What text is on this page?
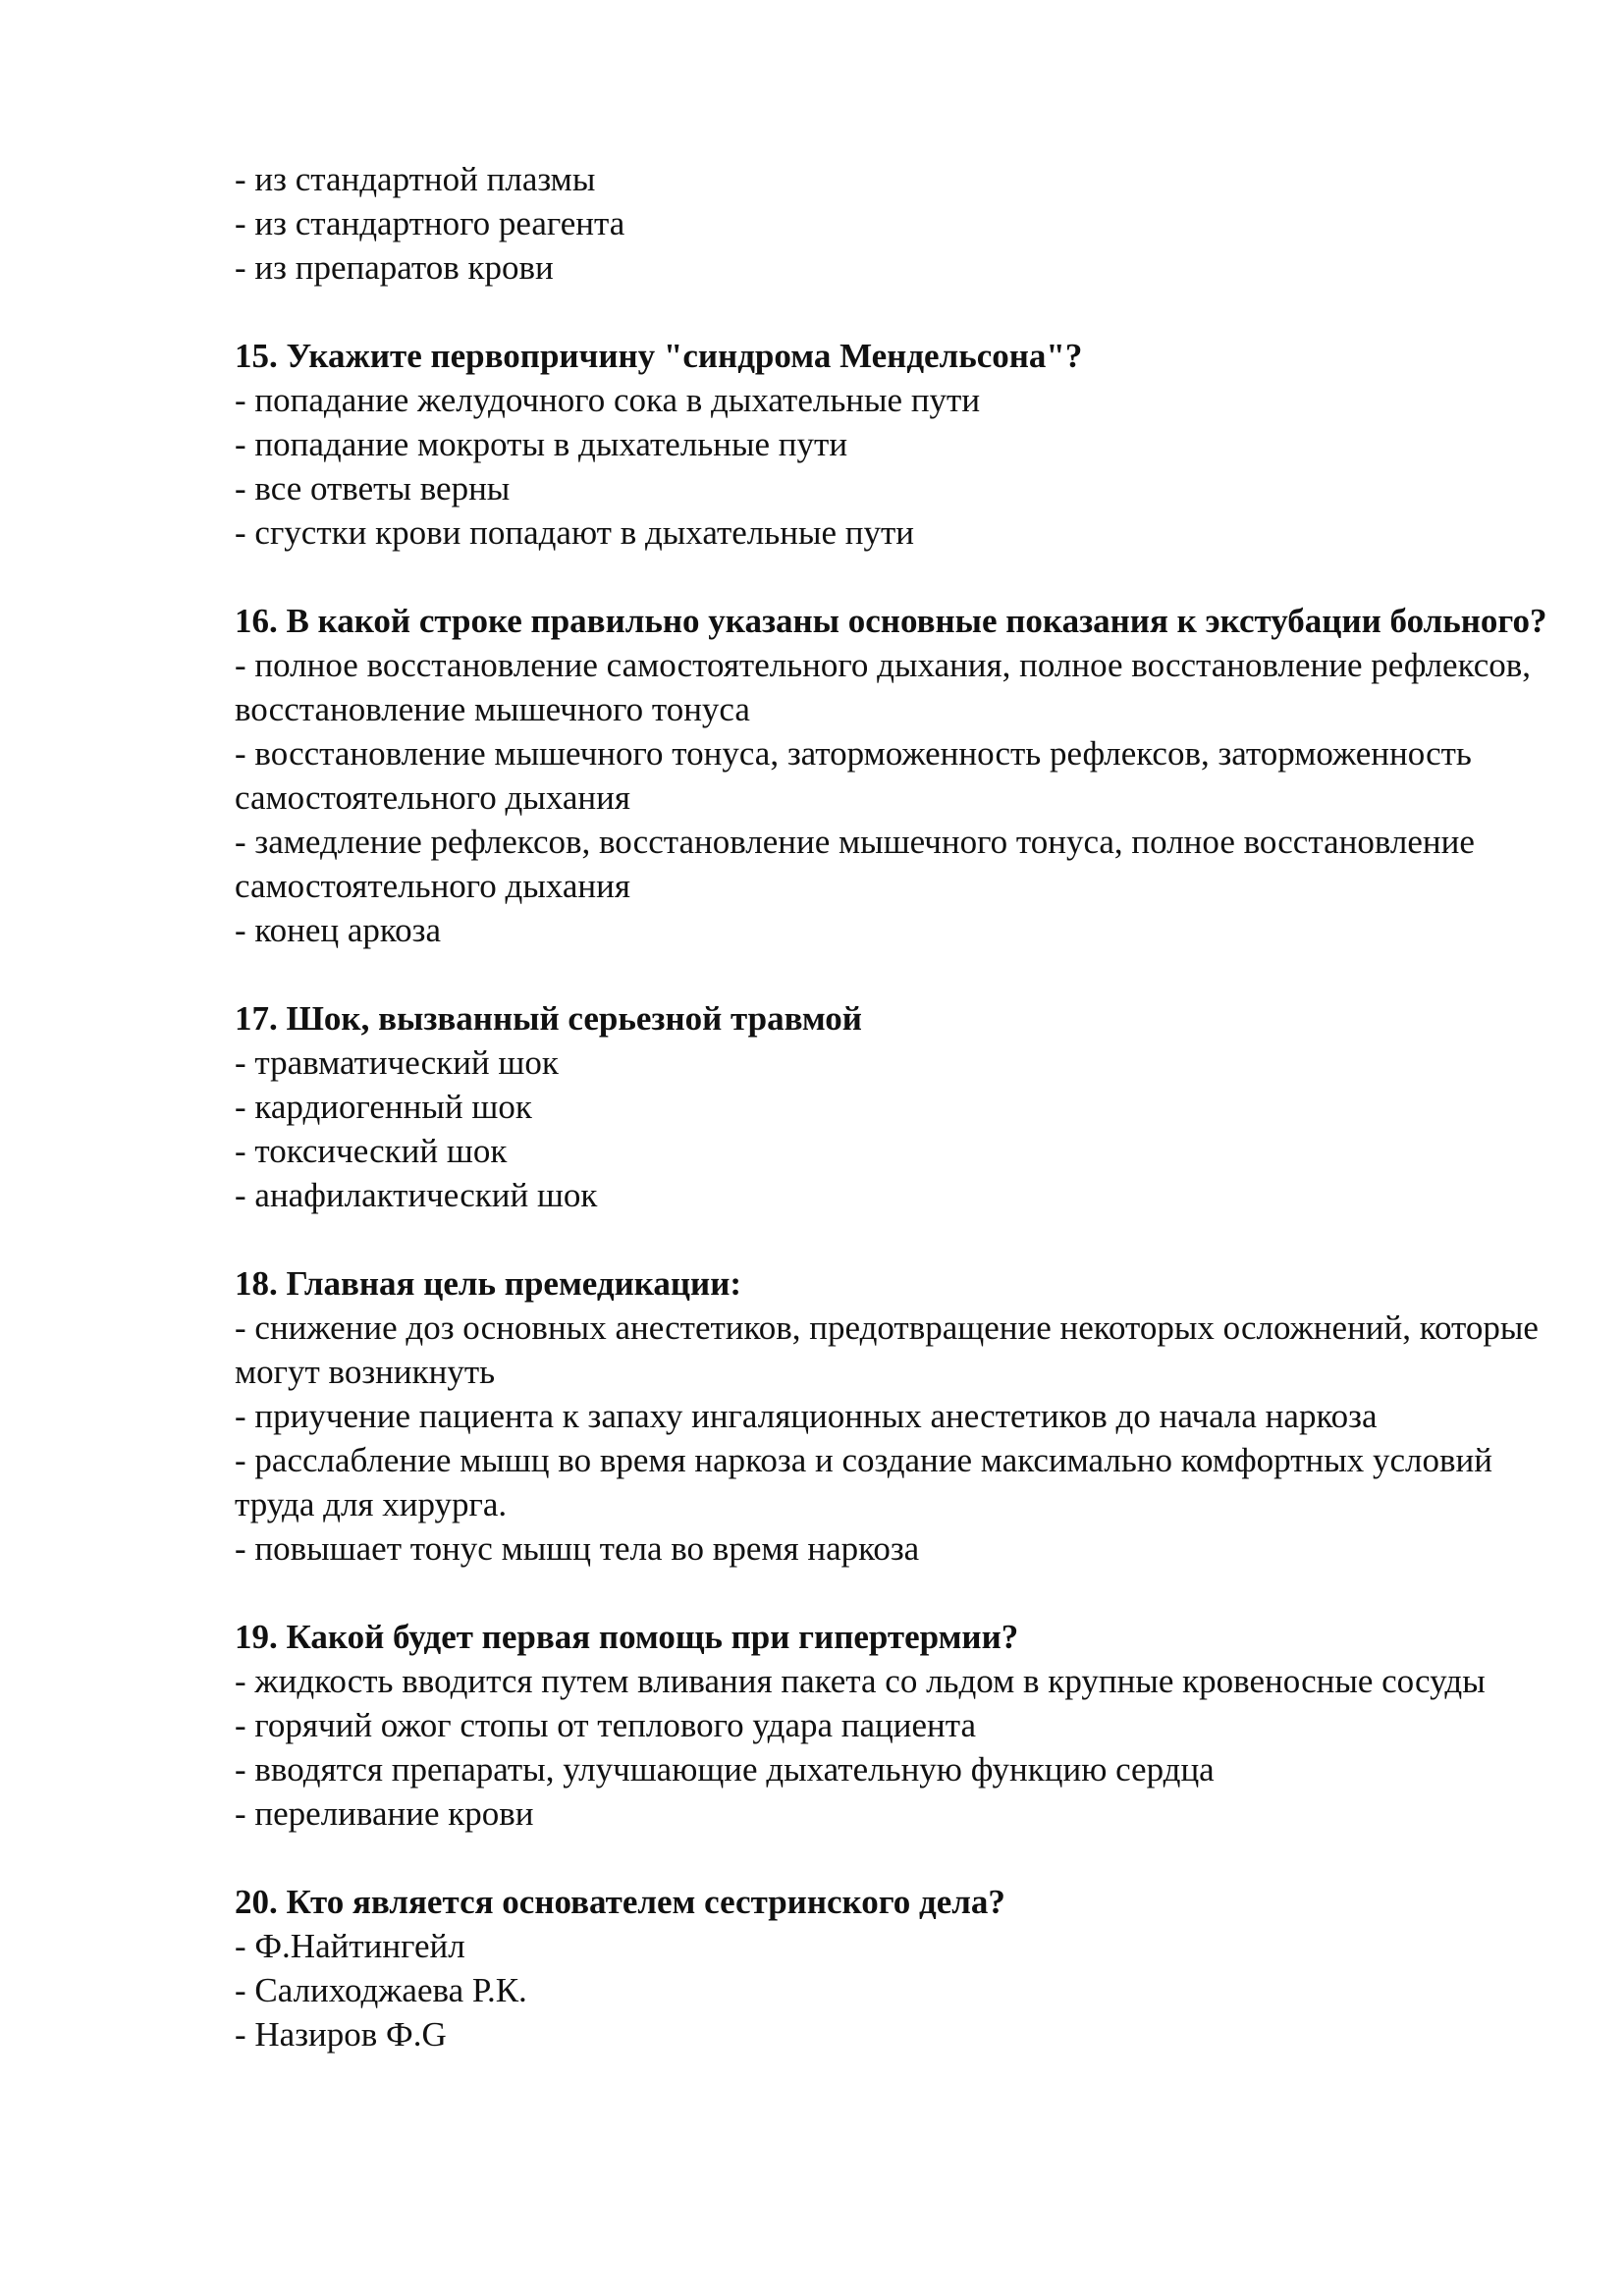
- из стандартной плазмы
- из стандартного реагента
- из препаратов крови

15. Укажите первопричину "синдрома Мендельсона"?

- попадание желудочного сока в дыхательные пути
- попадание мокроты в дыхательные пути
- все ответы верны
- сгустки крови попадают в дыхательные пути

16. В какой строке правильно указаны основные показания к экстубации больного?

- полное восстановление самостоятельного дыхания, полное восстановление рефлексов, восстановление мышечного тонуса
- восстановление мышечного тонуса, заторможенность рефлексов, заторможенность самостоятельного дыхания
- замедление рефлексов, восстановление мышечного тонуса, полное восстановление самостоятельного дыхания
- конец аркоза

17. Шок, вызванный серьезной травмой

- травматический шок
- кардиогенный шок
- токсический шок
- анафилактический шок

18. Главная цель премедикации:

- снижение доз основных анестетиков, предотвращение некоторых осложнений, которые могут возникнуть
- приучение пациента к запаху ингаляционных анестетиков до начала наркоза
- расслабление мышц во время наркоза и создание максимально комфортных условий труда для хирурга.
- повышает тонус мышц тела во время наркоза

19. Какой будет первая помощь при гипертермии?

- жидкость вводится путем вливания пакета со льдом в крупные кровеносные сосуды
- горячий ожог стопы от теплового удара пациента
- вводятся препараты, улучшающие дыхательную функцию сердца
- переливание крови

20. Кто является основателем сестринского дела?

- Ф.Найтингейл
- Салиходжаева Р.К.
- Назиров Ф.G
